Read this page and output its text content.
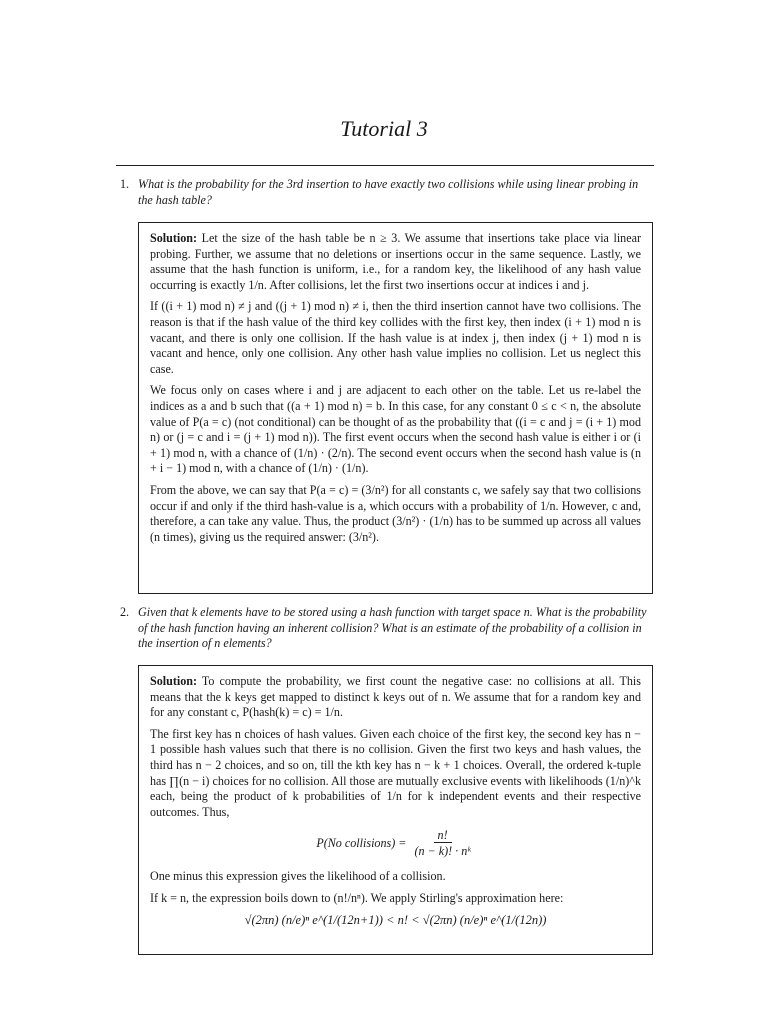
Tutorial 3
1. What is the probability for the 3rd insertion to have exactly two collisions while using linear probing in the hash table?

Solution: Let the size of the hash table be n ≥ 3. We assume that insertions take place via linear probing. Further, we assume that no deletions or insertions occur in the same sequence. Lastly, we assume that the hash function is uniform, i.e., for a random key, the likelihood of any hash value occurring is exactly 1/n. After collisions, let the first two insertions occur at indices i and j.

If ((i + 1) mod n) ≠ j and ((j + 1) mod n) ≠ i, then the third insertion cannot have two collisions. The reason is that if the hash value of the third key collides with the first key, then index (i + 1) mod n is vacant, and there is only one collision. If the hash value is at index j, then index (j + 1) mod n is vacant and hence, only one collision. Any other hash value implies no collision. Let us neglect this case.

We focus only on cases where i and j are adjacent to each other on the table. Let us re-label the indices as a and b such that ((a + 1) mod n) = b. In this case, for any constant 0 ≤ c < n, the absolute value of P(a = c) (not conditional) can be thought of as the probability that ((i = c and j = (i + 1) mod n) or (j = c and i = (j + 1) mod n)). The first event occurs when the second hash value is either i or (i + 1) mod n, with a chance of (1/n) · (2/n). The second event occurs when the second hash value is (n + i − 1) mod n, with a chance of (1/n) · (1/n).

From the above, we can say that P(a = c) = (3/n²) for all constants c, we safely say that two collisions occur if and only if the third hash-value is a, which occurs with a probability of 1/n. However, c and, therefore, a can take any value. Thus, the product (3/n²) · (1/n) has to be summed up across all values (n times), giving us the required answer: (3/n²).

2. Given that k elements have to be stored using a hash function with target space n. What is the probability of the hash function having an inherent collision? What is an estimate of the probability of a collision in the insertion of n elements?

Solution: To compute the probability, we first count the negative case: no collisions at all. This means that the k keys get mapped to distinct k keys out of n. We assume that for a random key and for any constant c, P(hash(k) = c) = 1/n.

The first key has n choices of hash values. Given each choice of the first key, the second key has n − 1 possible hash values such that there is no collision. Given the first two keys and hash values, the third has n − 2 choices, and so on, till the kth key has n − k + 1 choices. Overall, the ordered k-tuple has ∏(n − i) choices for no collision. All those are mutually exclusive events with likelihoods (1/n)^k each, being the product of k probabilities of 1/n for k independent events and their respective outcomes. Thus,

P(No collisions) = $\frac{n!}{\text{(n − k)! · nᵏ}}$

One minus this expression gives the likelihood of a collision.

If k = n, the expression boils down to (n!/nⁿ). We apply Stirling's approximation here:

√(2πn) (n/e)ⁿ e^(1/(12n+1)) < n! < √(2πn) (n/e)ⁿ e^(1/(12n))
